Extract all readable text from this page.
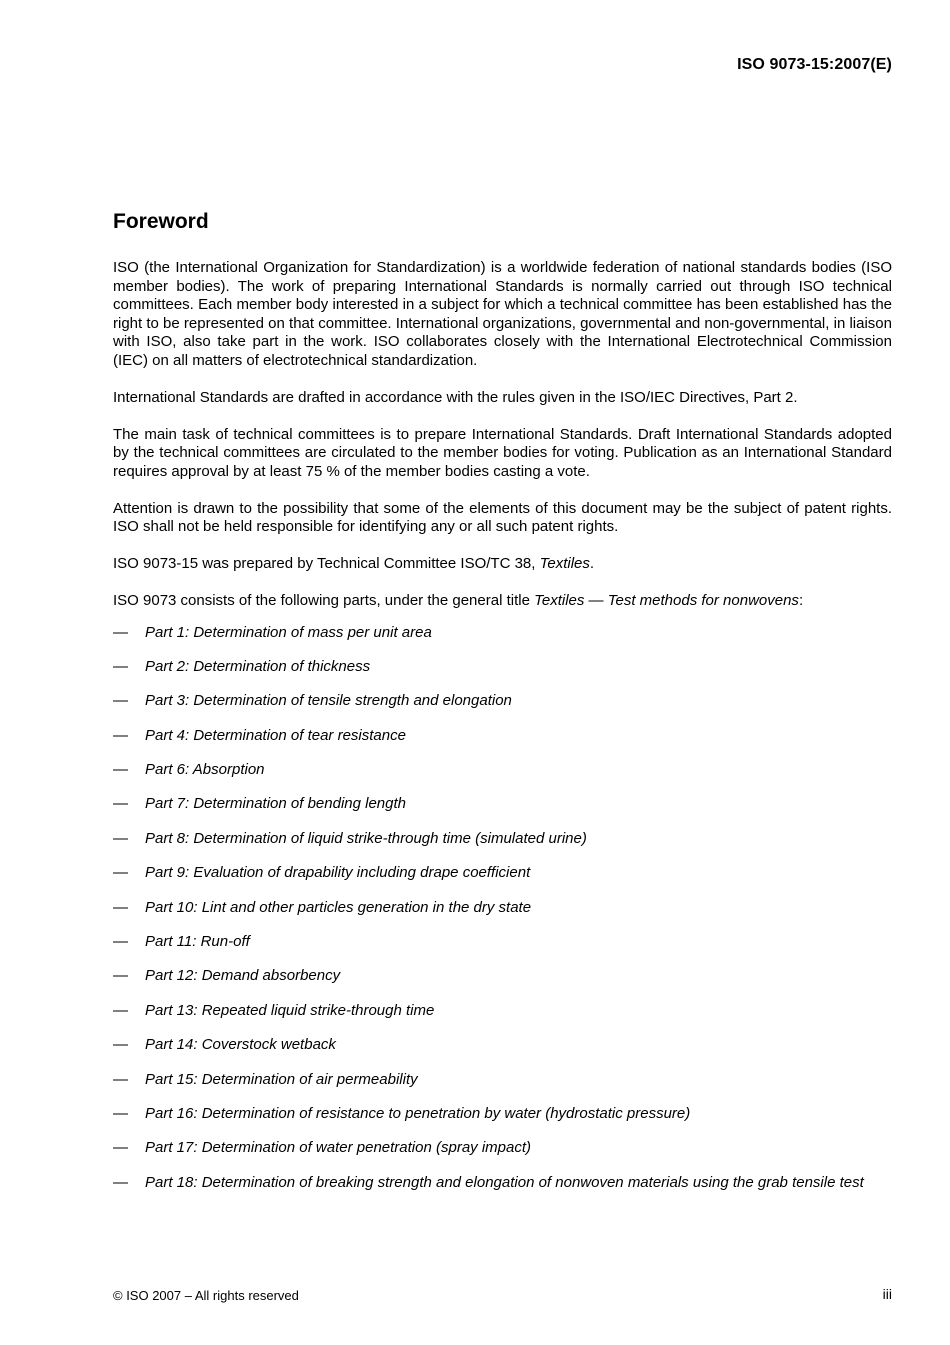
ISO 9073-15:2007(E)
Foreword

ISO (the International Organization for Standardization) is a worldwide federation of national standards bodies (ISO member bodies). The work of preparing International Standards is normally carried out through ISO technical committees. Each member body interested in a subject for which a technical committee has been established has the right to be represented on that committee. International organizations, governmental and non-governmental, in liaison with ISO, also take part in the work. ISO collaborates closely with the International Electrotechnical Commission (IEC) on all matters of electrotechnical standardization.

International Standards are drafted in accordance with the rules given in the ISO/IEC Directives, Part 2.

The main task of technical committees is to prepare International Standards. Draft International Standards adopted by the technical committees are circulated to the member bodies for voting. Publication as an International Standard requires approval by at least 75 % of the member bodies casting a vote.

Attention is drawn to the possibility that some of the elements of this document may be the subject of patent rights. ISO shall not be held responsible for identifying any or all such patent rights.

ISO 9073-15 was prepared by Technical Committee ISO/TC 38, Textiles.

ISO 9073 consists of the following parts, under the general title Textiles — Test methods for nonwovens:

— Part 1: Determination of mass per unit area
— Part 2: Determination of thickness
— Part 3: Determination of tensile strength and elongation
— Part 4: Determination of tear resistance
— Part 6: Absorption
— Part 7: Determination of bending length
— Part 8: Determination of liquid strike-through time (simulated urine)
— Part 9: Evaluation of drapability including drape coefficient
— Part 10: Lint and other particles generation in the dry state
— Part 11: Run-off
— Part 12: Demand absorbency
— Part 13: Repeated liquid strike-through time
— Part 14: Coverstock wetback
— Part 15: Determination of air permeability
— Part 16: Determination of resistance to penetration by water (hydrostatic pressure)
— Part 17: Determination of water penetration (spray impact)
— Part 18: Determination of breaking strength and elongation of nonwoven materials using the grab tensile test
© ISO 2007 – All rights reserved	iii
